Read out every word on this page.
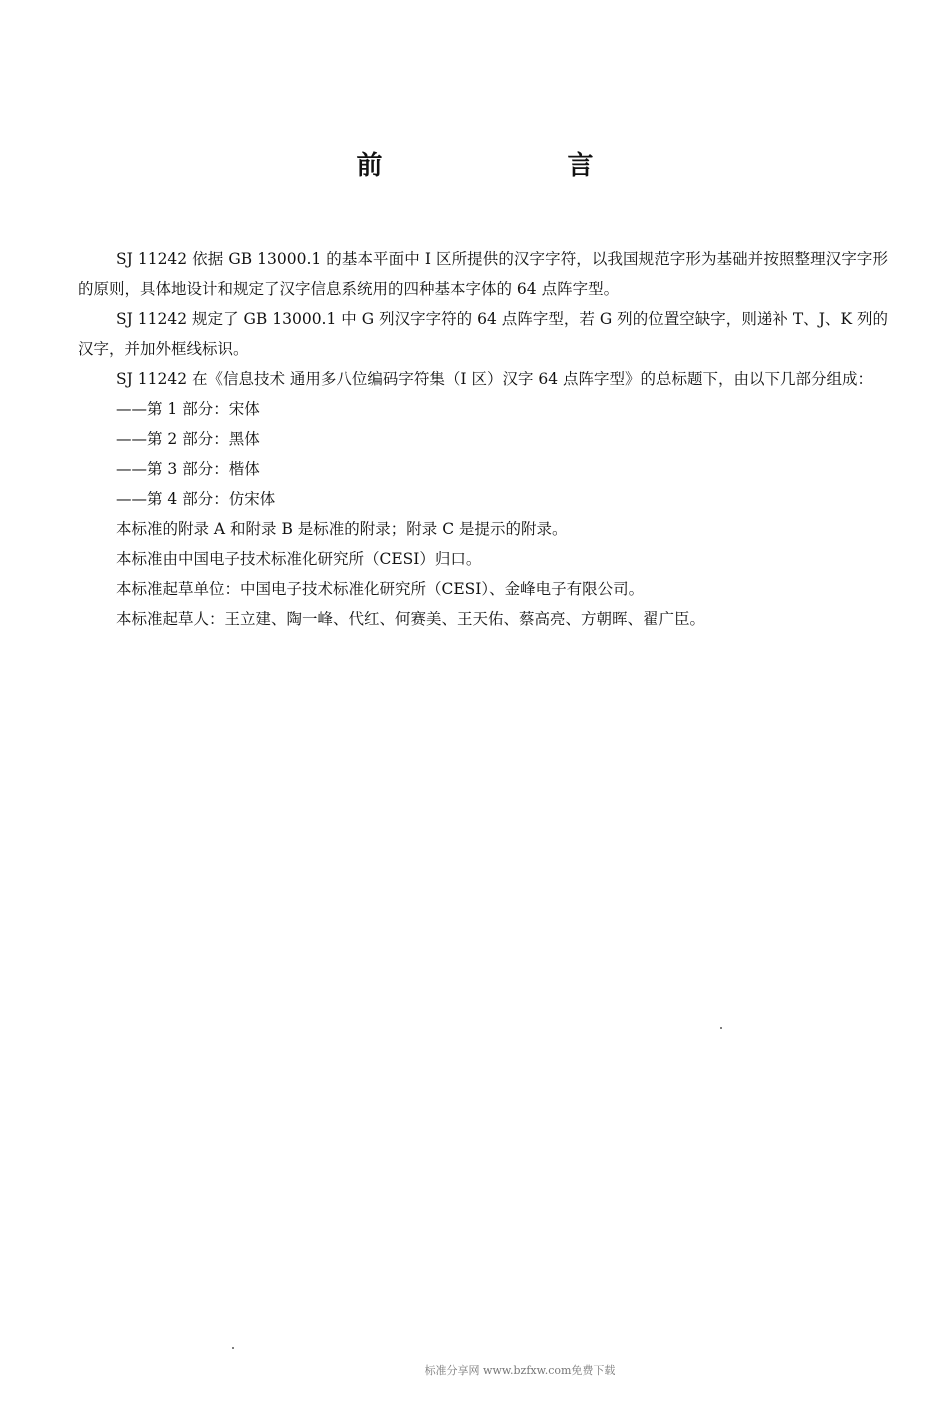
前 言

SJ 11242 依据 GB 13000.1 的基本平面中 I 区所提供的汉字字符，以我国规范字形为基础并按照整理汉字字形的原则，具体地设计和规定了汉字信息系统用的四种基本字体的 64 点阵字型。

SJ 11242 规定了 GB 13000.1 中 G 列汉字字符的 64 点阵字型，若 G 列的位置空缺字，则递补 T、J、K 列的汉字，并加外框线标识。

SJ 11242 在《信息技术 通用多八位编码字符集（I 区）汉字 64 点阵字型》的总标题下，由以下几部分组成：

——第 1 部分：宋体

——第 2 部分：黑体

——第 3 部分：楷体

——第 4 部分：仿宋体

本标准的附录 A 和附录 B 是标准的附录；附录 C 是提示的附录。

本标准由中国电子技术标准化研究所（CESI）归口。

本标准起草单位：中国电子技术标准化研究所（CESI）、金峰电子有限公司。

本标准起草人：王立建、陶一峰、代红、何赛美、王天佑、蔡高亮、方朝晖、翟广臣。

标准分享网 www.bzfxw.com免费下载
